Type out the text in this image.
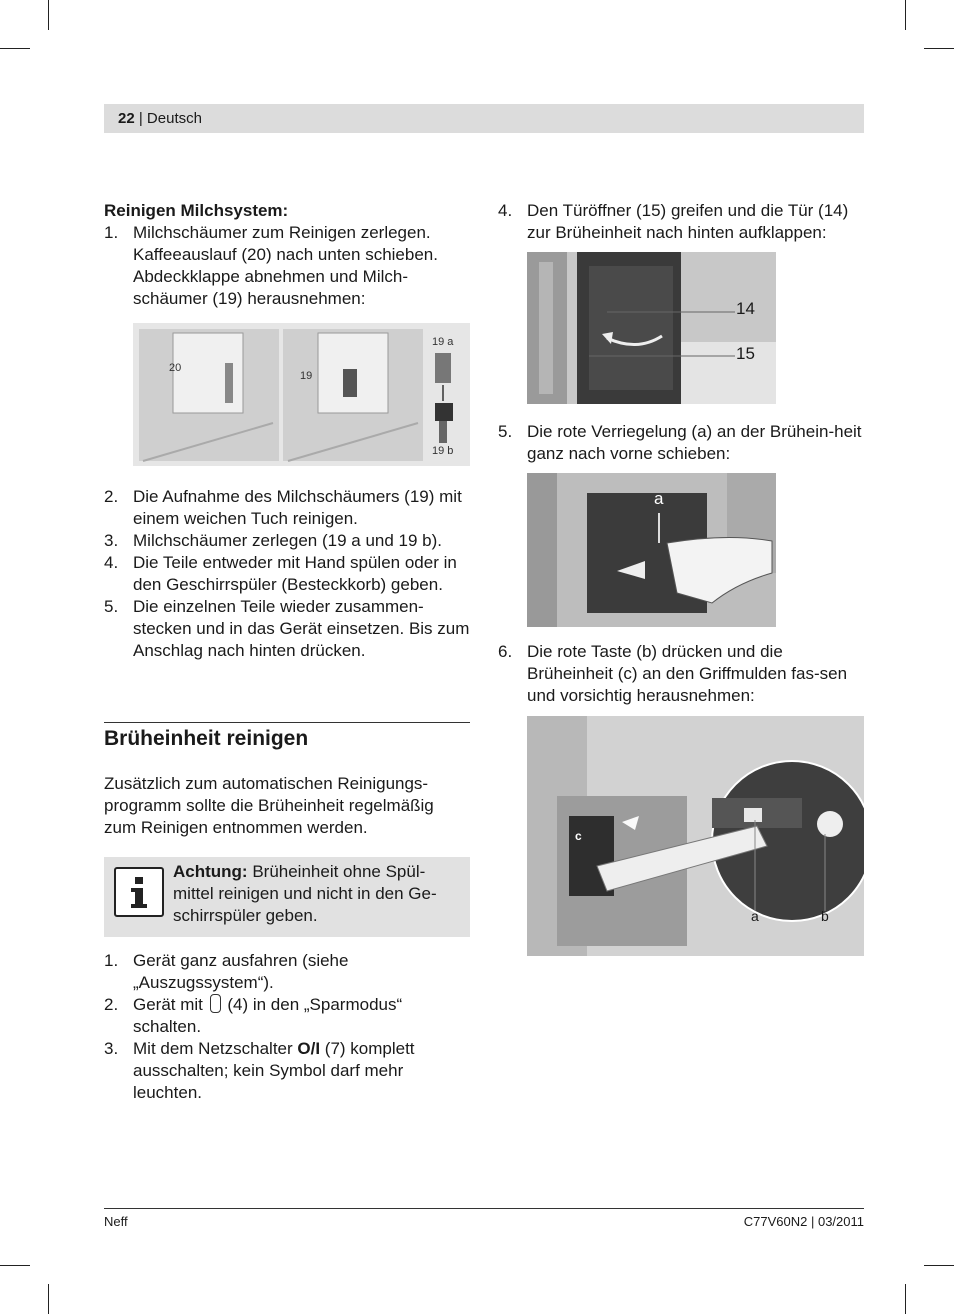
22 | Deutsch

Reinigen Milchsystem:

1. Milchschäumer zum Reinigen zerlegen. Kaffeeauslauf (20) nach unten schieben. Abdeckklappe abnehmen und Milch-schäumer (19) herausnehmen:
20
19
19 a
19 b
2. Die Aufnahme des Milchschäumers (19) mit einem weichen Tuch reinigen.
3. Milchschäumer zerlegen (19 a und 19 b).
4. Die Teile entweder mit Hand spülen oder in den Geschirrspüler (Besteckkorb) geben.
5. Die einzelnen Teile wieder zusammen-stecken und in das Gerät einsetzen. Bis zum Anschlag nach hinten drücken.
Brüheinheit reinigen
Zusätzlich zum automatischen Reinigungs-programm sollte die Brüheinheit regelmäßig zum Reinigen entnommen werden.
Achtung: Brüheinheit ohne Spül-mittel reinigen und nicht in den Ge-schirrspüler geben.
1. Gerät ganz ausfahren (siehe „Auszugssystem“).
2. Gerät mit  (4) in den „Sparmodus“ schalten.
3. Mit dem Netzschalter O/I (7) komplett ausschalten; kein Symbol darf mehr leuchten.
4. Den Türöffner (15) greifen und die Tür (14) zur Brüheinheit nach hinten aufklappen:
14
15
5. Die rote Verriegelung (a) an der Brühein-heit ganz nach vorne schieben:
a
6. Die rote Taste (b) drücken und die Brüheinheit (c) an den Griffmulden fas-sen und vorsichtig herausnehmen:
c
a	b
Neff	C77V60N2 | 03/2011
